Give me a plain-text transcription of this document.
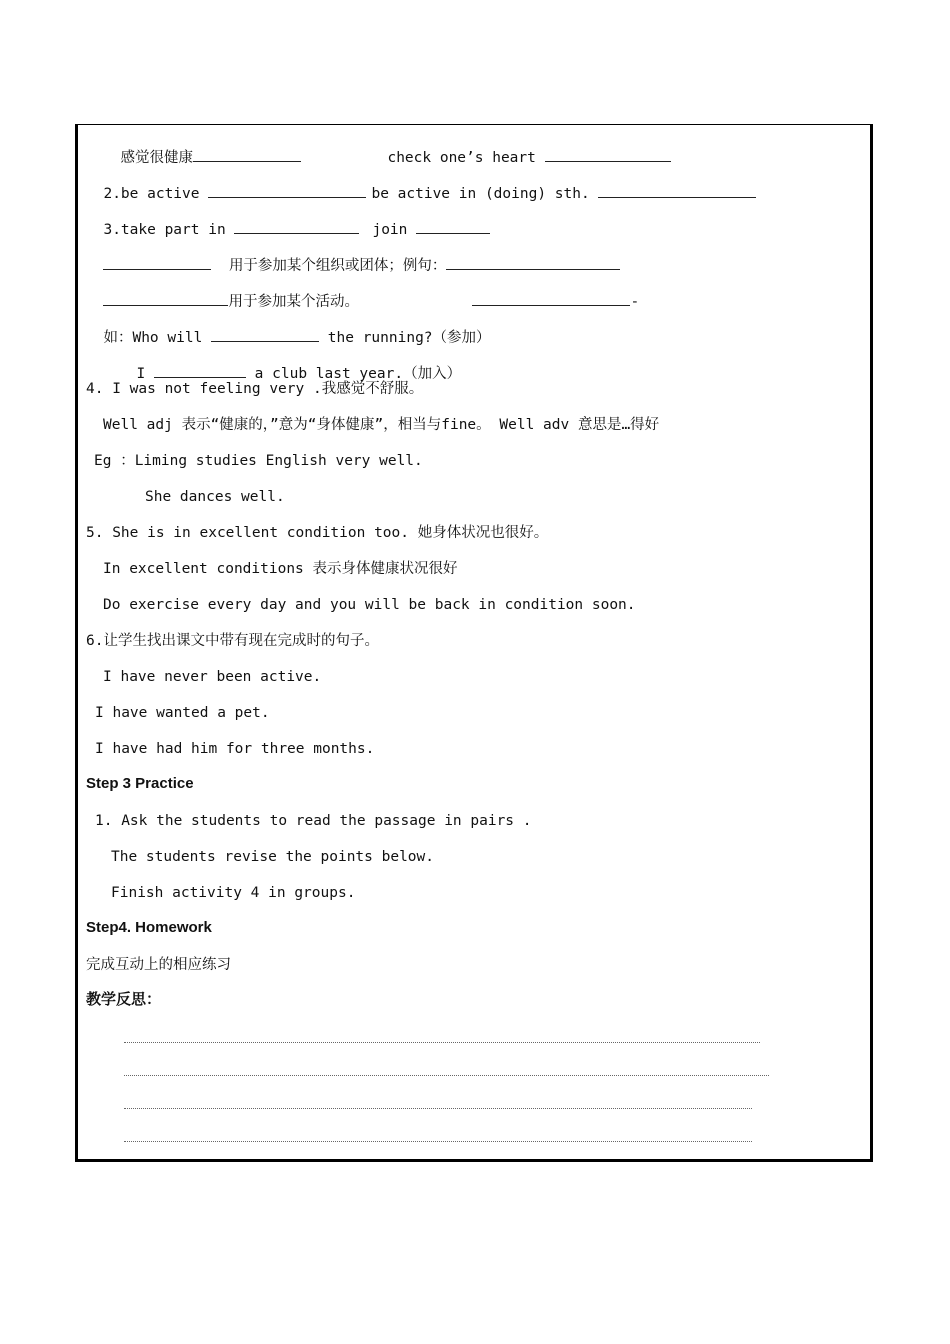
感觉很健康	check one’s heart

2.be active	be active in (doing) sth.

3.take part in	join

用于参加某个组织或团体；例句：

用于参加某个活动。	-

如：Who will	the running?（参加）

I	a club last year.（加入）

4. I was not feeling very .我感觉不舒服。
Well adj 表示“健康的，”意为“身体健康”，相当与fine。 Well adv 意思是…得好
Eg ：Liming studies English very well.
She dances well.
5. She is in excellent condition too. 她身体状况也很好。
In excellent conditions 表示身体健康状况很好
Do exercise every day and you will be back in condition soon.
6.让学生找出课文中带有现在完成时的句子。
I have never been active.
I have wanted a pet.
I have had him for three months.
Step 3 Practice
1. Ask the students to read the passage in pairs .
The students revise the points below.
Finish activity 4 in groups.
Step4. Homework
完成互动上的相应练习
教学反思：
